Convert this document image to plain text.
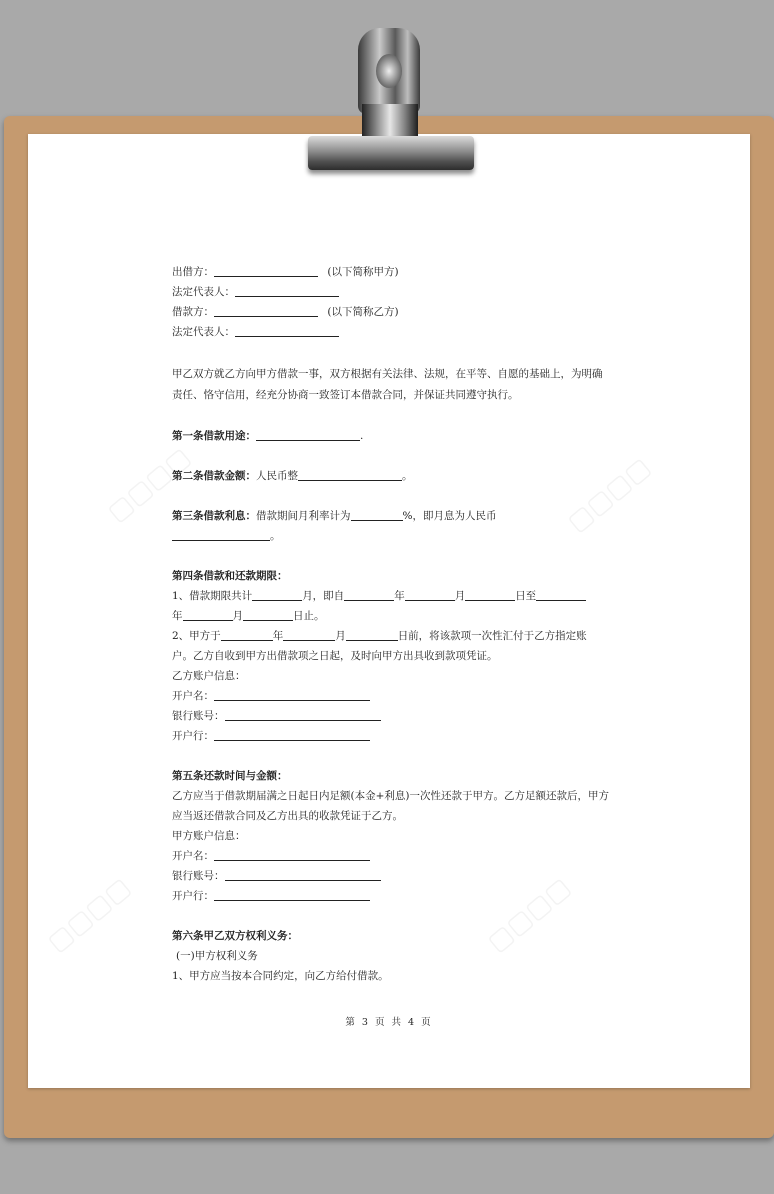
▢▢▢▢	▢▢▢▢
▢▢▢▢	▢▢▢▢
出借方：	(以下简称甲方)
法定代表人：
借款方：	(以下简称乙方)
法定代表人：
甲乙双方就乙方向甲方借款一事，双方根据有关法律、法规，在平等、自愿的基础上，为明确责任、恪守信用，经充分协商一致签订本借款合同，并保证共同遵守执行。
第一条借款用途：	.
第二条借款金额：人民币整	。
第三条借款利息：借款期间月利率计为	%，即月息为人民币
。
第四条借款和还款期限：
1、借款期限共计	月，即自	年	月	日至
年	月	日止。
2、甲方于	年	月	日前，将该款项一次性汇付于乙方指定账
户。乙方自收到甲方出借款项之日起，及时向甲方出具收到款项凭证。
乙方账户信息：
开户名：
银行账号：
开户行：
第五条还款时间与金额：
乙方应当于借款期届满之日起日内足额(本金+利息)一次性还款于甲方。乙方足额还款后，甲方
应当返还借款合同及乙方出具的收款凭证于乙方。
甲方账户信息：
开户名：
银行账号：
开户行：
第六条甲乙双方权利义务：
(一)甲方权利义务
1、甲方应当按本合同约定，向乙方给付借款。
第 3 页 共 4 页
